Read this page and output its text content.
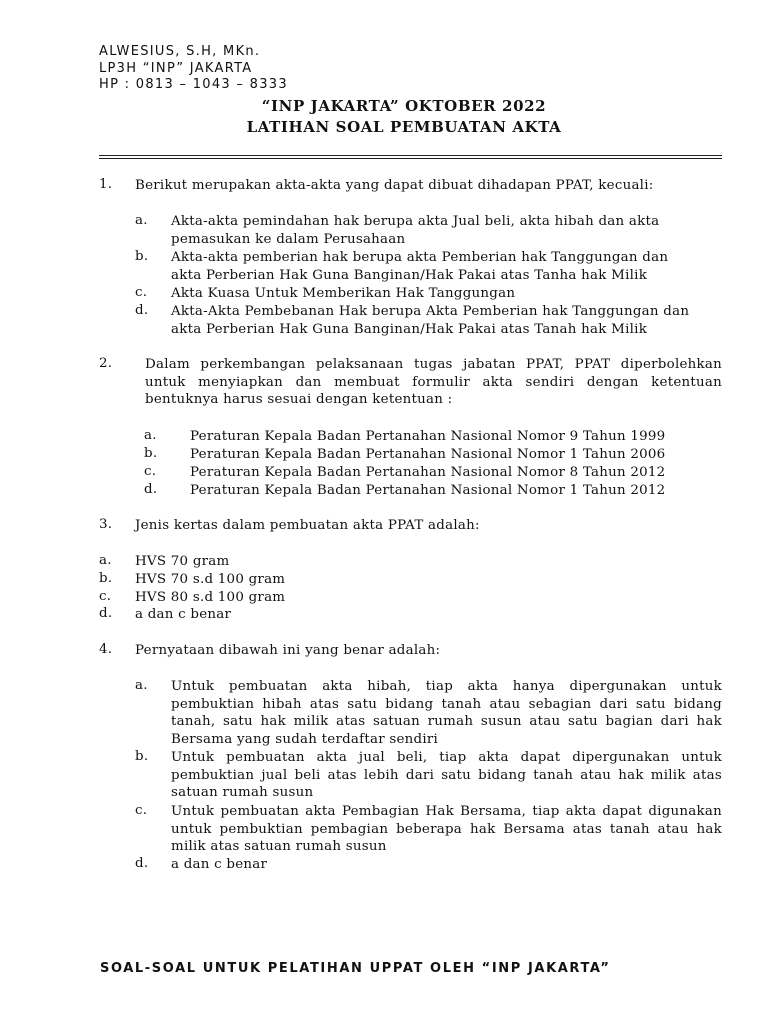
ALWESIUS, S.H, MKn.
LP3H “INP” JAKARTA
HP : 0813 – 1043 – 8333
“INP JAKARTA” OKTOBER 2022
LATIHAN SOAL PEMBUATAN AKTA
1. Berikut merupakan akta-akta yang dapat dibuat dihadapan PPAT, kecuali:
a. Akta-akta pemindahan hak berupa akta Jual beli, akta hibah dan akta pemasukan ke dalam Perusahaan
b. Akta-akta pemberian hak berupa akta Pemberian hak Tanggungan dan akta Perberian Hak Guna Banginan/Hak Pakai atas Tanha hak Milik
c. Akta Kuasa Untuk Memberikan Hak Tanggungan
d. Akta-Akta Pembebanan Hak berupa Akta Pemberian hak Tanggungan dan akta Perberian Hak Guna Banginan/Hak Pakai atas Tanah hak Milik
2. Dalam perkembangan pelaksanaan tugas jabatan PPAT, PPAT diperbolehkan untuk menyiapkan dan membuat formulir akta sendiri dengan ketentuan bentuknya harus sesuai dengan ketentuan :
a. Peraturan Kepala Badan Pertanahan Nasional Nomor 9 Tahun 1999
b. Peraturan Kepala Badan Pertanahan Nasional Nomor 1 Tahun 2006
c.	Peraturan Kepala Badan Pertanahan Nasional Nomor 8 Tahun 2012
d. Peraturan Kepala Badan Pertanahan Nasional Nomor 1 Tahun 2012
3. Jenis kertas dalam pembuatan akta PPAT adalah:
a. HVS 70 gram
b. HVS 70 s.d 100 gram
c. HVS 80 s.d 100 gram
d. a dan c benar
4. Pernyataan dibawah ini yang benar adalah:
a. Untuk pembuatan akta hibah, tiap akta hanya dipergunakan untuk pembuktian hibah atas satu bidang tanah atau sebagian dari satu bidang tanah, satu hak milik atas satuan rumah susun atau satu bagian dari hak Bersama yang sudah terdaftar sendiri
b. Untuk pembuatan akta jual beli, tiap akta dapat dipergunakan untuk pembuktian jual beli atas lebih dari satu bidang tanah atau hak milik atas satuan rumah susun
c. Untuk pembuatan akta Pembagian Hak Bersama, tiap akta dapat digunakan untuk pembuktian pembagian beberapa hak Bersama atas tanah atau hak milik atas satuan rumah susun
d. a dan c benar
SOAL-SOAL UNTUK PELATIHAN UPPAT OLEH “INP JAKARTA”
